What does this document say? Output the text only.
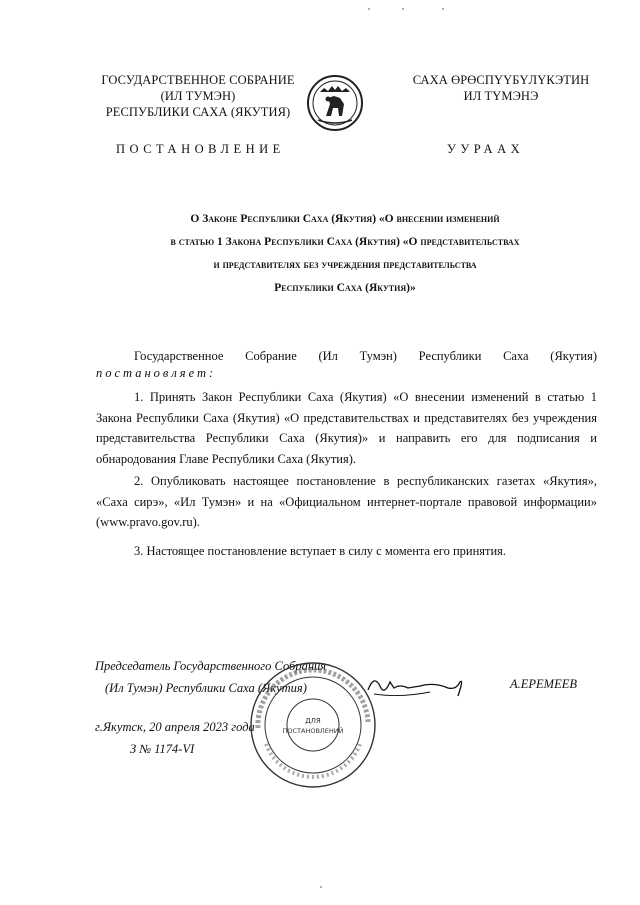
ГОСУДАРСТВЕННОЕ СОБРАНИЕ
(ИЛ ТУМЭН)
РЕСПУБЛИКИ САХА (ЯКУТИЯ)
САХА ӨРӨСПҮҮБҮЛҮКЭТИН
ИЛ ТҮМЭНЭ
ПОСТАНОВЛЕНИЕ	УУРААХ
О Законе Республики Саха (Якутия) «О внесении изменений
в статью 1 Закона Республики Саха (Якутия) «О представительствах
и представителях без учреждения представительства
Республики Саха (Якутия)»
Государственное Собрание (Ил Тумэн) Республики Саха (Якутия)
постановляет:
1. Принять Закон Республики Саха (Якутия) «О внесении изменений в статью 1 Закона Республики Саха (Якутия) «О представительствах и представителях без учреждения представительства Республики Саха (Якутия)» и направить его для подписания и обнародования Главе Республики Саха (Якутия).
2. Опубликовать настоящее постановление в республиканских газетах «Якутия», «Саха сирэ», «Ил Тумэн» и на «Официальном интернет-портале правовой информации» (www.pravo.gov.ru).
3. Настоящее постановление вступает в силу с момента его принятия.
Председатель Государственного Собрания
(Ил Тумэн) Республики Саха (Якутия)	А.ЕРЕМЕЕВ
г.Якутск, 20 апреля 2023 года
З № 1174-VI
ДЛЯ
ПОСТАНОВЛЕНИЙ
